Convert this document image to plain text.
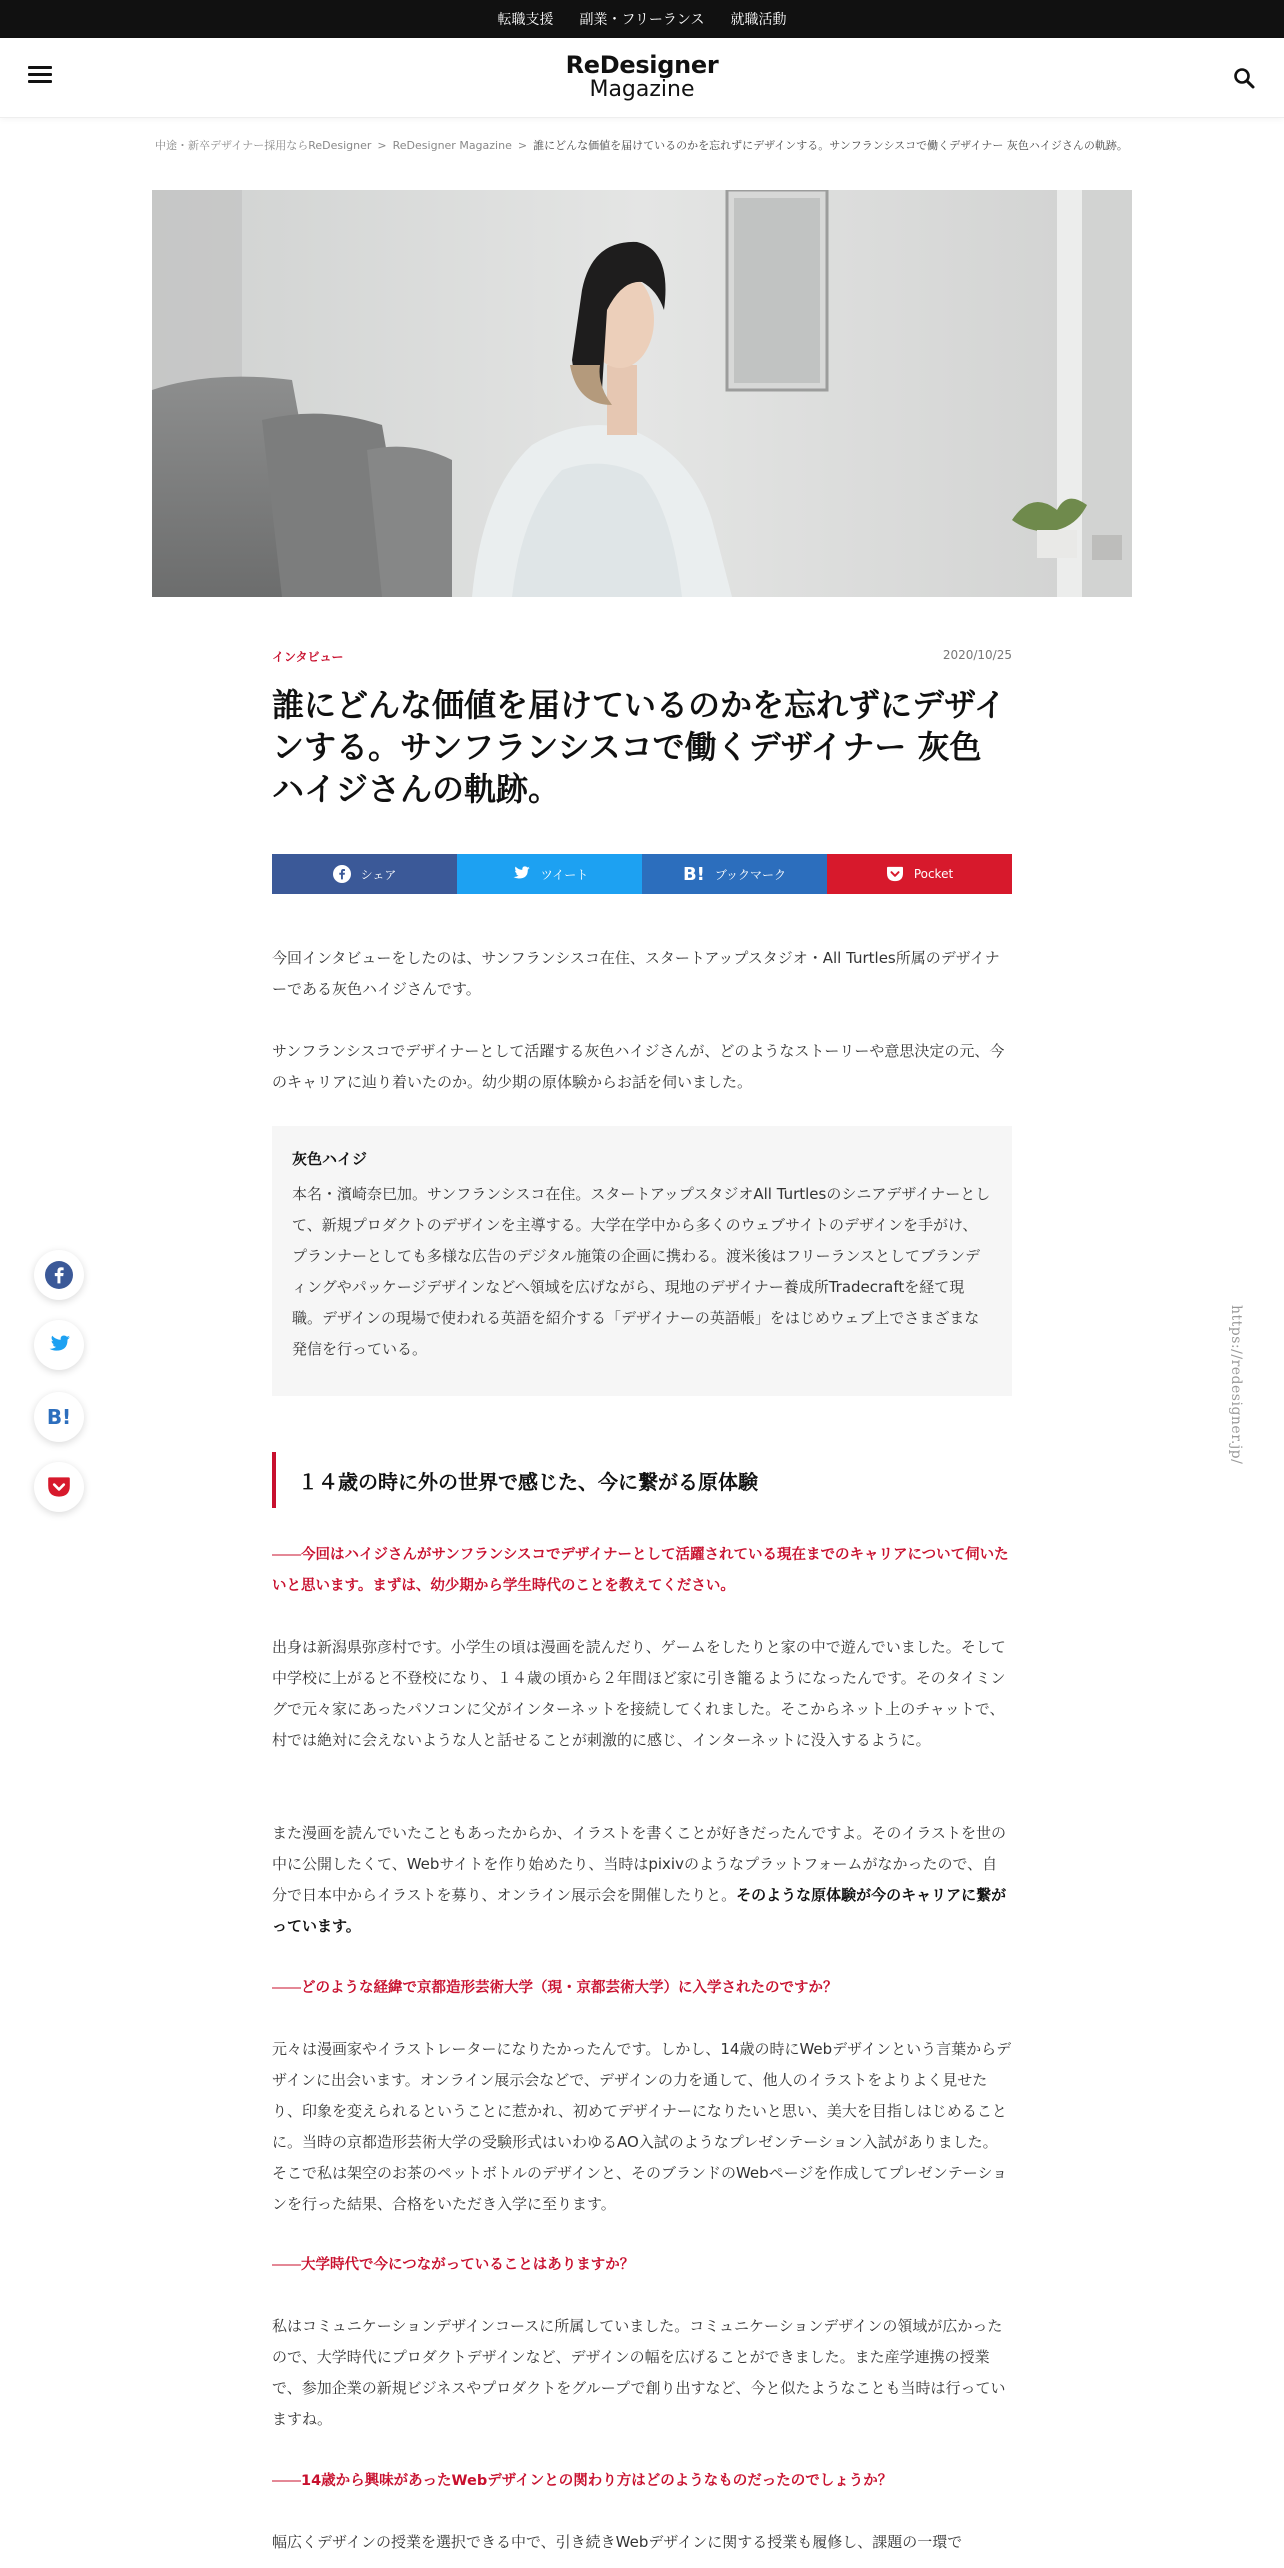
転職支援 副業・フリーランス 就職活動
ReDesigner
Magazine
中途・新卒デザイナー採用ならReDesigner > ReDesigner Magazine > 誰にどんな価値を届けているのかを忘れずにデザインする。サンフランシスコで働くデザイナー 灰色ハイジさんの軌跡。
インタビュー	2020/10/25
誰にどんな価値を届けているのかを忘れずにデザインする。サンフランシスコで働くデザイナー 灰色ハイジさんの軌跡。
シェア	ツイート	B! ブックマーク	Pocket

今回インタビューをしたのは、サンフランシスコ在住、スタートアップスタジオ・All Turtles所属のデザイナーである灰色ハイジさんです。

サンフランシスコでデザイナーとして活躍する灰色ハイジさんが、どのようなストーリーや意思決定の元、今のキャリアに辿り着いたのか。幼少期の原体験からお話を伺いました。

灰色ハイジ
本名・濱崎奈巳加。サンフランシスコ在住。スタートアップスタジオAll Turtlesのシニアデザイナーとして、新規プロダクトのデザインを主導する。大学在学中から多くのウェブサイトのデザインを手がけ、プランナーとしても多様な広告のデジタル施策の企画に携わる。渡米後はフリーランスとしてブランディングやパッケージデザインなどへ領域を広げながら、現地のデザイナー養成所Tradecraftを経て現職。デザインの現場で使われる英語を紹介する「デザイナーの英語帳」をはじめウェブ上でさまざまな発信を行っている。
１４歳の時に外の世界で感じた、今に繋がる原体験

――今回はハイジさんがサンフランシスコでデザイナーとして活躍されている現在までのキャリアについて伺いたいと思います。まずは、幼少期から学生時代のことを教えてください。

出身は新潟県弥彦村です。小学生の頃は漫画を読んだり、ゲームをしたりと家の中で遊んでいました。そして中学校に上がると不登校になり、１４歳の頃から２年間ほど家に引き籠るようになったんです。そのタイミングで元々家にあったパソコンに父がインターネットを接続してくれました。そこからネット上のチャットで、村では絶対に会えないような人と話せることが刺激的に感じ、インターネットに没入するように。

また漫画を読んでいたこともあったからか、イラストを書くことが好きだったんですよ。そのイラストを世の中に公開したくて、Webサイトを作り始めたり、当時はpixivのようなプラットフォームがなかったので、自分で日本中からイラストを募り、オンライン展示会を開催したりと。そのような原体験が今のキャリアに繋がっています。

――どのような経緯で京都造形芸術大学（現・京都芸術大学）に入学されたのですか？

元々は漫画家やイラストレーターになりたかったんです。しかし、14歳の時にWebデザインという言葉からデザインに出会います。オンライン展示会などで、デザインの力を通して、他人のイラストをよりよく見せたり、印象を変えられるということに惹かれ、初めてデザイナーになりたいと思い、美大を目指しはじめることに。当時の京都造形芸術大学の受験形式はいわゆるAO入試のようなプレゼンテーション入試がありました。そこで私は架空のお茶のペットボトルのデザインと、そのブランドのWebページを作成してプレゼンテーションを行った結果、合格をいただき入学に至ります。

――大学時代で今につながっていることはありますか？

私はコミュニケーションデザインコースに所属していました。コミュニケーションデザインの領域が広かったので、大学時代にプロダクトデザインなど、デザインの幅を広げることができました。また産学連携の授業で、参加企業の新規ビジネスやプロダクトをグループで創り出すなど、今と似たようなことも当時は行っていますね。

――14歳から興味があったWebデザインとの関わり方はどのようなものだったのでしょうか？

幅広くデザインの授業を選択できる中で、引き続きWebデザインに関する授業も履修し、課題の一環で

B!	https://redesigner.jp/
